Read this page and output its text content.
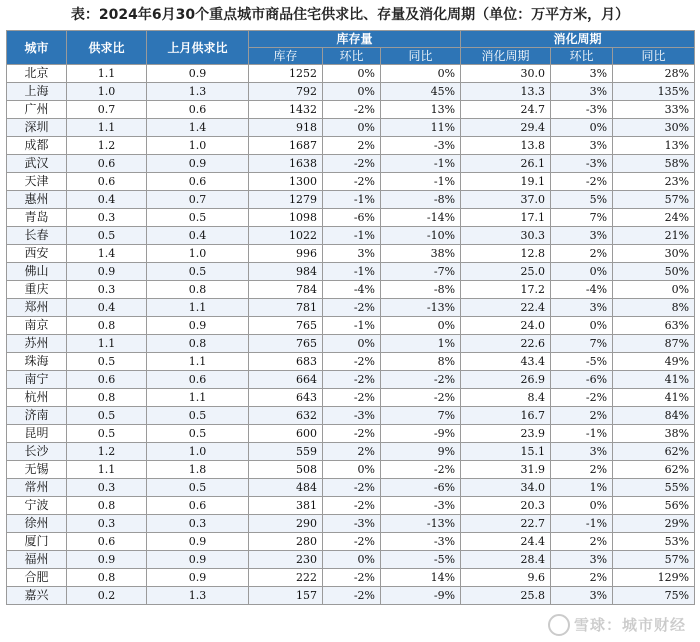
表：2024年6月30个重点城市商品住宅供求比、存量及消化周期（单位：万平方米，月）
城市	供求比	上月供求比	库存量			消化周期		
			库存	环比	同比	消化周期	环比	同比
北京	1.1	0.9	1252	0%	0%	30.0	3%	28%
上海	1.0	1.3	792	0%	45%	13.3	3%	135%
广州	0.7	0.6	1432	-2%	13%	24.7	-3%	33%
深圳	1.1	1.4	918	0%	11%	29.4	0%	30%
成都	1.2	1.0	1687	2%	-3%	13.8	3%	13%
武汉	0.6	0.9	1638	-2%	-1%	26.1	-3%	58%
天津	0.6	0.6	1300	-2%	-1%	19.1	-2%	23%
惠州	0.4	0.7	1279	-1%	-8%	37.0	5%	57%
青岛	0.3	0.5	1098	-6%	-14%	17.1	7%	24%
长春	0.5	0.4	1022	-1%	-10%	30.3	3%	21%
西安	1.4	1.0	996	3%	38%	12.8	2%	30%
佛山	0.9	0.5	984	-1%	-7%	25.0	0%	50%
重庆	0.3	0.8	784	-4%	-8%	17.2	-4%	0%
郑州	0.4	1.1	781	-2%	-13%	22.4	3%	8%
南京	0.8	0.9	765	-1%	0%	24.0	0%	63%
苏州	1.1	0.8	765	0%	1%	22.6	7%	87%
珠海	0.5	1.1	683	-2%	8%	43.4	-5%	49%
南宁	0.6	0.6	664	-2%	-2%	26.9	-6%	41%
杭州	0.8	1.1	643	-2%	-2%	8.4	-2%	41%
济南	0.5	0.5	632	-3%	7%	16.7	2%	84%
昆明	0.5	0.5	600	-2%	-9%	23.9	-1%	38%
长沙	1.2	1.0	559	2%	9%	15.1	3%	62%
无锡	1.1	1.8	508	0%	-2%	31.9	2%	62%
常州	0.3	0.5	484	-2%	-6%	34.0	1%	55%
宁波	0.8	0.6	381	-2%	-3%	20.3	0%	56%
徐州	0.3	0.3	290	-3%	-13%	22.7	-1%	29%
厦门	0.6	0.9	280	-2%	-3%	24.4	2%	53%
福州	0.9	0.9	230	0%	-5%	28.4	3%	57%
合肥	0.8	0.9	222	-2%	14%	9.6	2%	129%
嘉兴	0.2	1.3	157	-2%	-9%	25.8	3%	75%
雪球：城市财经
